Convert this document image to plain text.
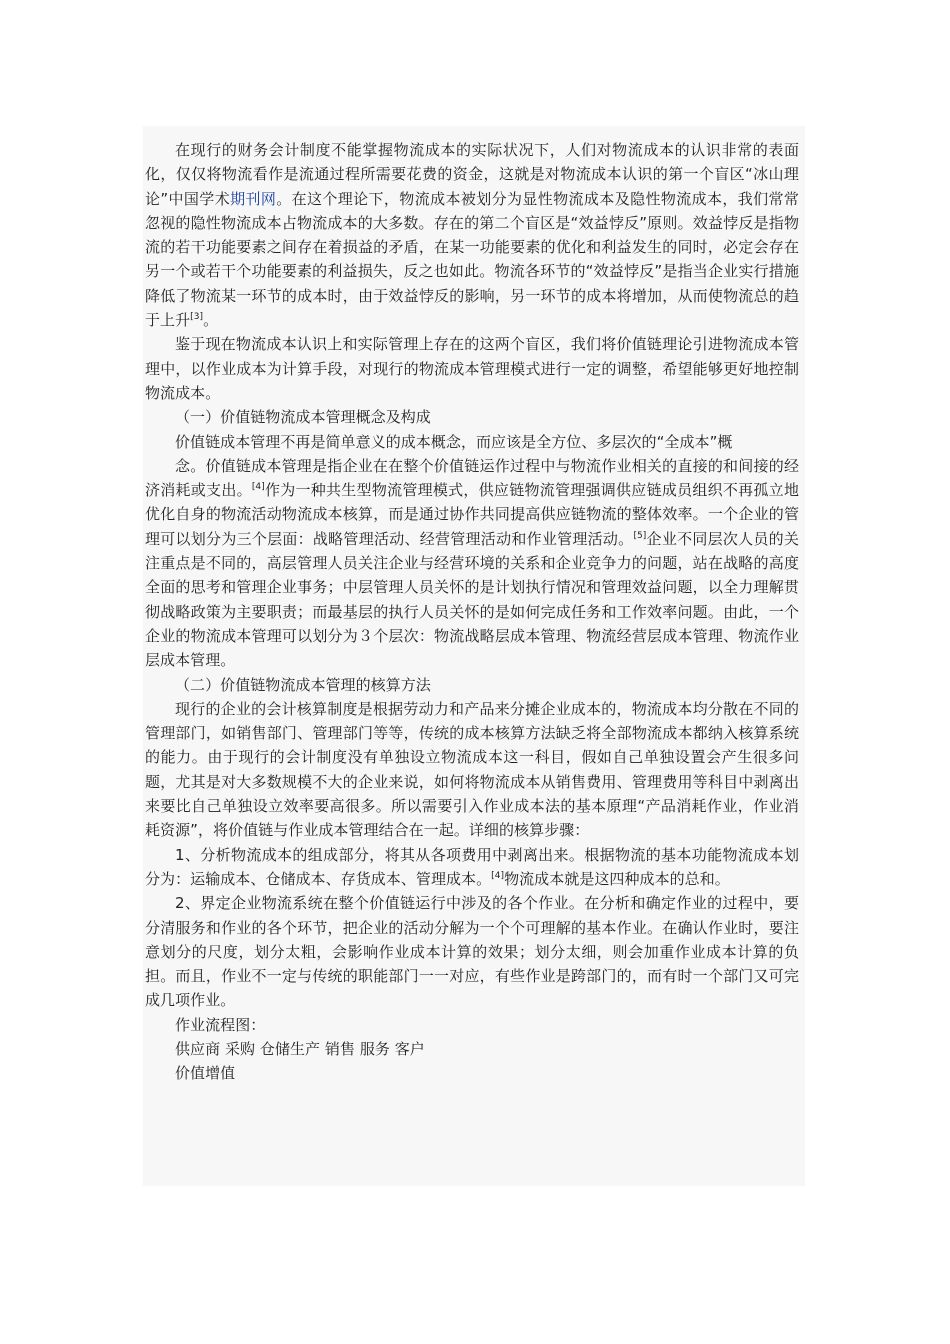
在现行的财务会计制度不能掌握物流成本的实际状况下，人们对物流成本的认识非常的表面化，仅仅将物流看作是流通过程所需要花费的资金，这就是对物流成本认识的第一个盲区“冰山理论”中国学术期刊网。在这个理论下，物流成本被划分为显性物流成本及隐性物流成本，我们常常忽视的隐性物流成本占物流成本的大多数。存在的第二个盲区是“效益悖反”原则。效益悖反是指物流的若干功能要素之间存在着损益的矛盾，在某一功能要素的优化和利益发生的同时，必定会存在另一个或若干个功能要素的利益损失，反之也如此。物流各环节的“效益悖反”是指当企业实行措施降低了物流某一环节的成本时，由于效益悖反的影响，另一环节的成本将增加，从而使物流总的趋于上升[3]。

鉴于现在物流成本认识上和实际管理上存在的这两个盲区，我们将价值链理论引进物流成本管理中，以作业成本为计算手段，对现行的物流成本管理模式进行一定的调整，希望能够更好地控制物流成本。

（一）价值链物流成本管理概念及构成

价值链成本管理不再是简单意义的成本概念，而应该是全方位、多层次的“全成本”概

念。价值链成本管理是指企业在在整个价值链运作过程中与物流作业相关的直接的和间接的经济消耗或支出。[4]作为一种共生型物流管理模式，供应链物流管理强调供应链成员组织不再孤立地优化自身的物流活动物流成本核算，而是通过协作共同提高供应链物流的整体效率。一个企业的管理可以划分为三个层面：战略管理活动、经营管理活动和作业管理活动。[5]企业不同层次人员的关注重点是不同的，高层管理人员关注企业与经营环境的关系和企业竞争力的问题，站在战略的高度全面的思考和管理企业事务；中层管理人员关怀的是计划执行情况和管理效益问题，以全力理解贯彻战略政策为主要职责；而最基层的执行人员关怀的是如何完成任务和工作效率问题。由此，一个企业的物流成本管理可以划分为３个层次：物流战略层成本管理、物流经营层成本管理、物流作业层成本管理。

（二）价值链物流成本管理的核算方法

现行的企业的会计核算制度是根据劳动力和产品来分摊企业成本的，物流成本均分散在不同的管理部门，如销售部门、管理部门等等，传统的成本核算方法缺乏将全部物流成本都纳入核算系统的能力。由于现行的会计制度没有单独设立物流成本这一科目，假如自己单独设置会产生很多问题，尤其是对大多数规模不大的企业来说，如何将物流成本从销售费用、管理费用等科目中剥离出来要比自己单独设立效率要高很多。所以需要引入作业成本法的基本原理“产品消耗作业，作业消耗资源”，将价值链与作业成本管理结合在一起。详细的核算步骤：

1、分析物流成本的组成部分，将其从各项费用中剥离出来。根据物流的基本功能物流成本划分为：运输成本、仓储成本、存货成本、管理成本。[4]物流成本就是这四种成本的总和。

2、界定企业物流系统在整个价值链运行中涉及的各个作业。在分析和确定作业的过程中，要分清服务和作业的各个环节，把企业的活动分解为一个个可理解的基本作业。在确认作业时，要注意划分的尺度，划分太粗，会影响作业成本计算的效果；划分太细，则会加重作业成本计算的负担。而且，作业不一定与传统的职能部门一一对应，有些作业是跨部门的，而有时一个部门又可完成几项作业。

作业流程图：

供应商 采购 仓储生产 销售 服务 客户

价值增值
